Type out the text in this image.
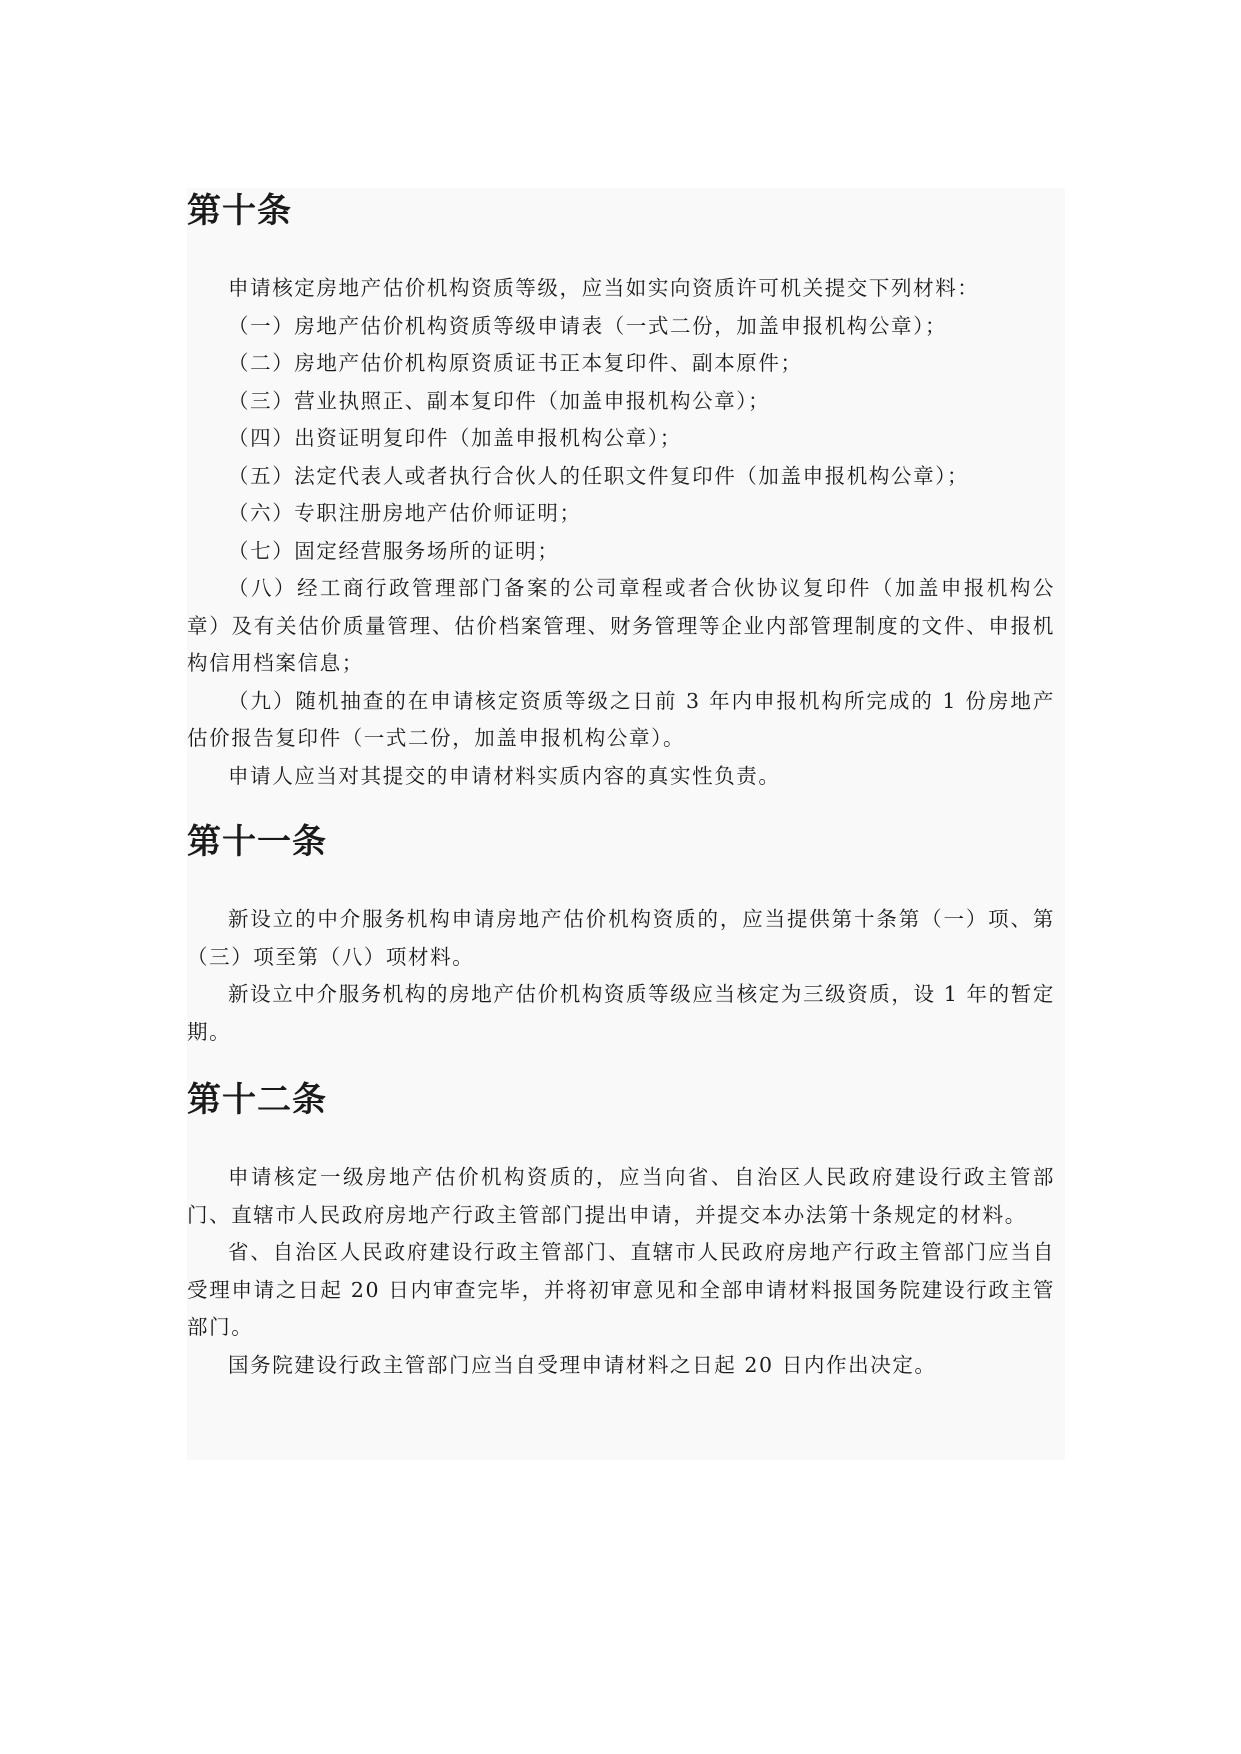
第十条

申请核定房地产估价机构资质等级，应当如实向资质许可机关提交下列材料：

（一）房地产估价机构资质等级申请表（一式二份，加盖申报机构公章）；

（二）房地产估价机构原资质证书正本复印件、副本原件；

（三）营业执照正、副本复印件（加盖申报机构公章）；

（四）出资证明复印件（加盖申报机构公章）；

（五）法定代表人或者执行合伙人的任职文件复印件（加盖申报机构公章）；

（六）专职注册房地产估价师证明；

（七）固定经营服务场所的证明；

（八）经工商行政管理部门备案的公司章程或者合伙协议复印件（加盖申报机构公章）及有关估价质量管理、估价档案管理、财务管理等企业内部管理制度的文件、申报机构信用档案信息；

（九）随机抽查的在申请核定资质等级之日前 3 年内申报机构所完成的 1 份房地产估价报告复印件（一式二份，加盖申报机构公章）。

申请人应当对其提交的申请材料实质内容的真实性负责。

第十一条

新设立的中介服务机构申请房地产估价机构资质的，应当提供第十条第（一）项、第（三）项至第（八）项材料。

新设立中介服务机构的房地产估价机构资质等级应当核定为三级资质，设 1 年的暂定期。

第十二条

申请核定一级房地产估价机构资质的，应当向省、自治区人民政府建设行政主管部门、直辖市人民政府房地产行政主管部门提出申请，并提交本办法第十条规定的材料。

省、自治区人民政府建设行政主管部门、直辖市人民政府房地产行政主管部门应当自受理申请之日起 20 日内审查完毕，并将初审意见和全部申请材料报国务院建设行政主管部门。

国务院建设行政主管部门应当自受理申请材料之日起 20 日内作出决定。
